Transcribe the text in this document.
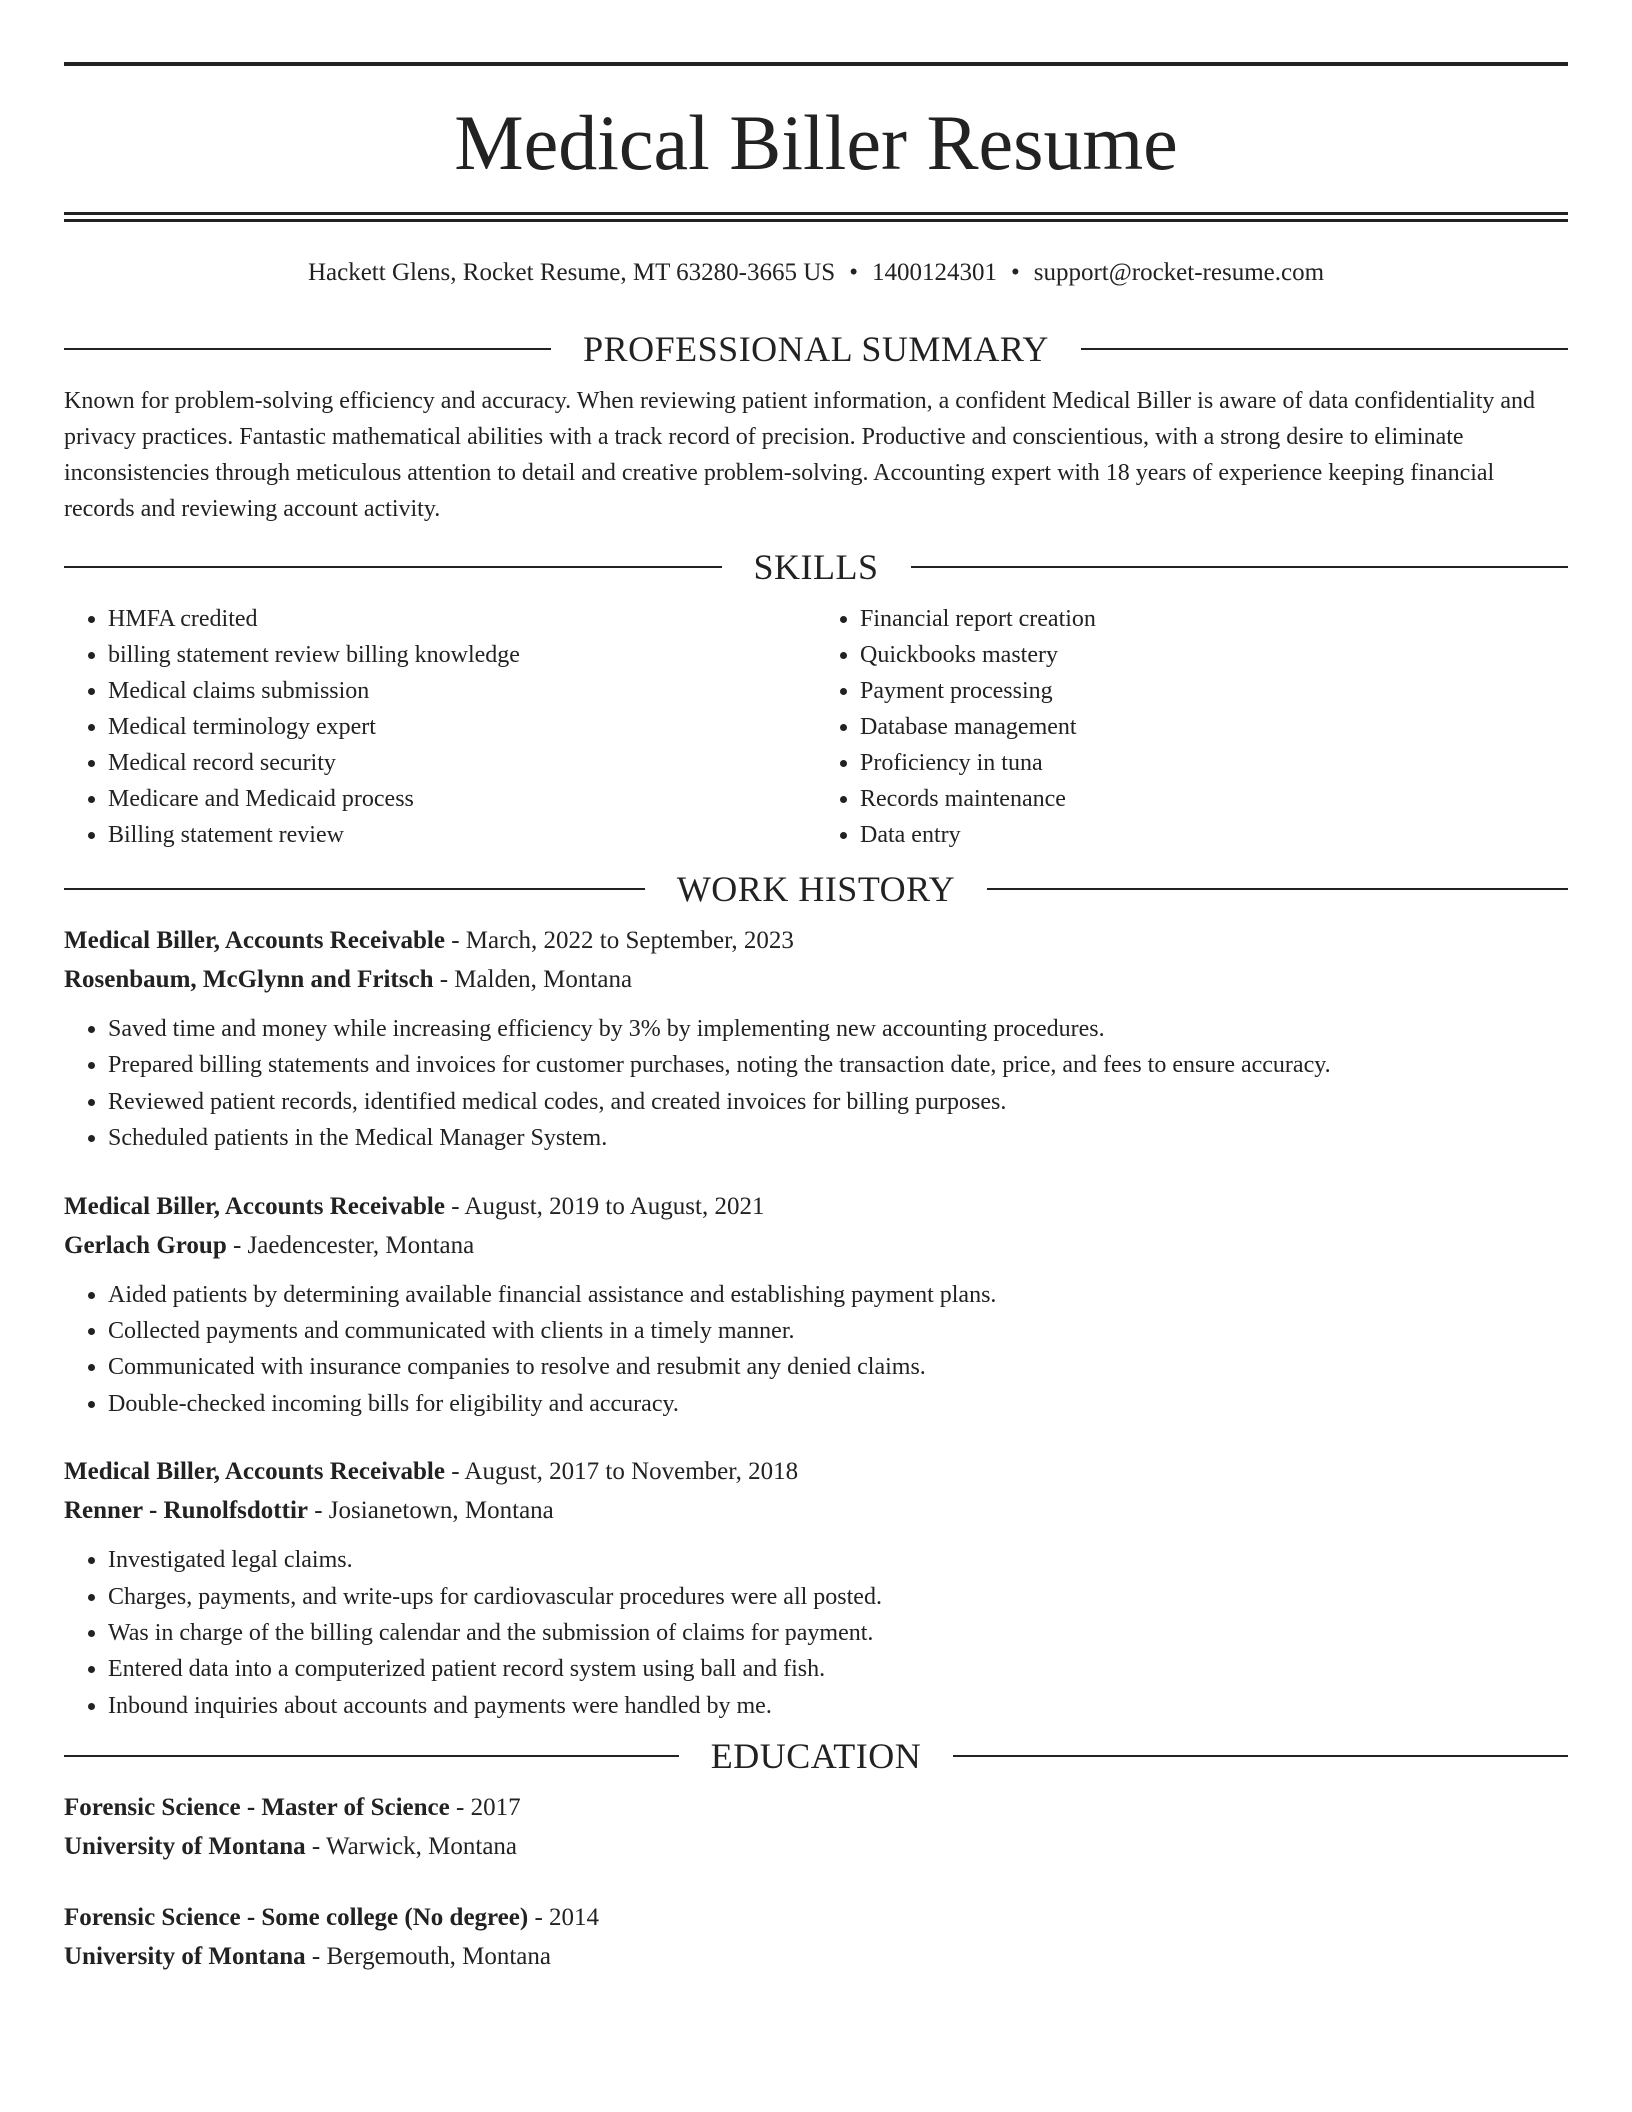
Medical Biller Resume
Hackett Glens, Rocket Resume, MT 63280-3665 US • 1400124301 • support@rocket-resume.com
PROFESSIONAL SUMMARY

Known for problem-solving efficiency and accuracy. When reviewing patient information, a confident Medical Biller is aware of data confidentiality and privacy practices. Fantastic mathematical abilities with a track record of precision. Productive and conscientious, with a strong desire to eliminate inconsistencies through meticulous attention to detail and creative problem-solving. Accounting expert with 18 years of experience keeping financial records and reviewing account activity.

SKILLS
• HMFA credited
• billing statement review billing knowledge
• Medical claims submission
• Medical terminology expert
• Medical record security
• Medicare and Medicaid process
• Billing statement review
• Financial report creation
• Quickbooks mastery
• Payment processing
• Database management
• Proficiency in tuna
• Records maintenance
• Data entry
WORK HISTORY
Medical Biller, Accounts Receivable - March, 2022 to September, 2023
Rosenbaum, McGlynn and Fritsch - Malden, Montana
• Saved time and money while increasing efficiency by 3% by implementing new accounting procedures.
• Prepared billing statements and invoices for customer purchases, noting the transaction date, price, and fees to ensure accuracy.
• Reviewed patient records, identified medical codes, and created invoices for billing purposes.
• Scheduled patients in the Medical Manager System.
Medical Biller, Accounts Receivable - August, 2019 to August, 2021
Gerlach Group - Jaedencester, Montana
• Aided patients by determining available financial assistance and establishing payment plans.
• Collected payments and communicated with clients in a timely manner.
• Communicated with insurance companies to resolve and resubmit any denied claims.
• Double-checked incoming bills for eligibility and accuracy.
Medical Biller, Accounts Receivable - August, 2017 to November, 2018
Renner - Runolfsdottir - Josianetown, Montana
• Investigated legal claims.
• Charges, payments, and write-ups for cardiovascular procedures were all posted.
• Was in charge of the billing calendar and the submission of claims for payment.
• Entered data into a computerized patient record system using ball and fish.
• Inbound inquiries about accounts and payments were handled by me.
EDUCATION
Forensic Science - Master of Science - 2017
University of Montana - Warwick, Montana
Forensic Science - Some college (No degree) - 2014
University of Montana - Bergemouth, Montana
